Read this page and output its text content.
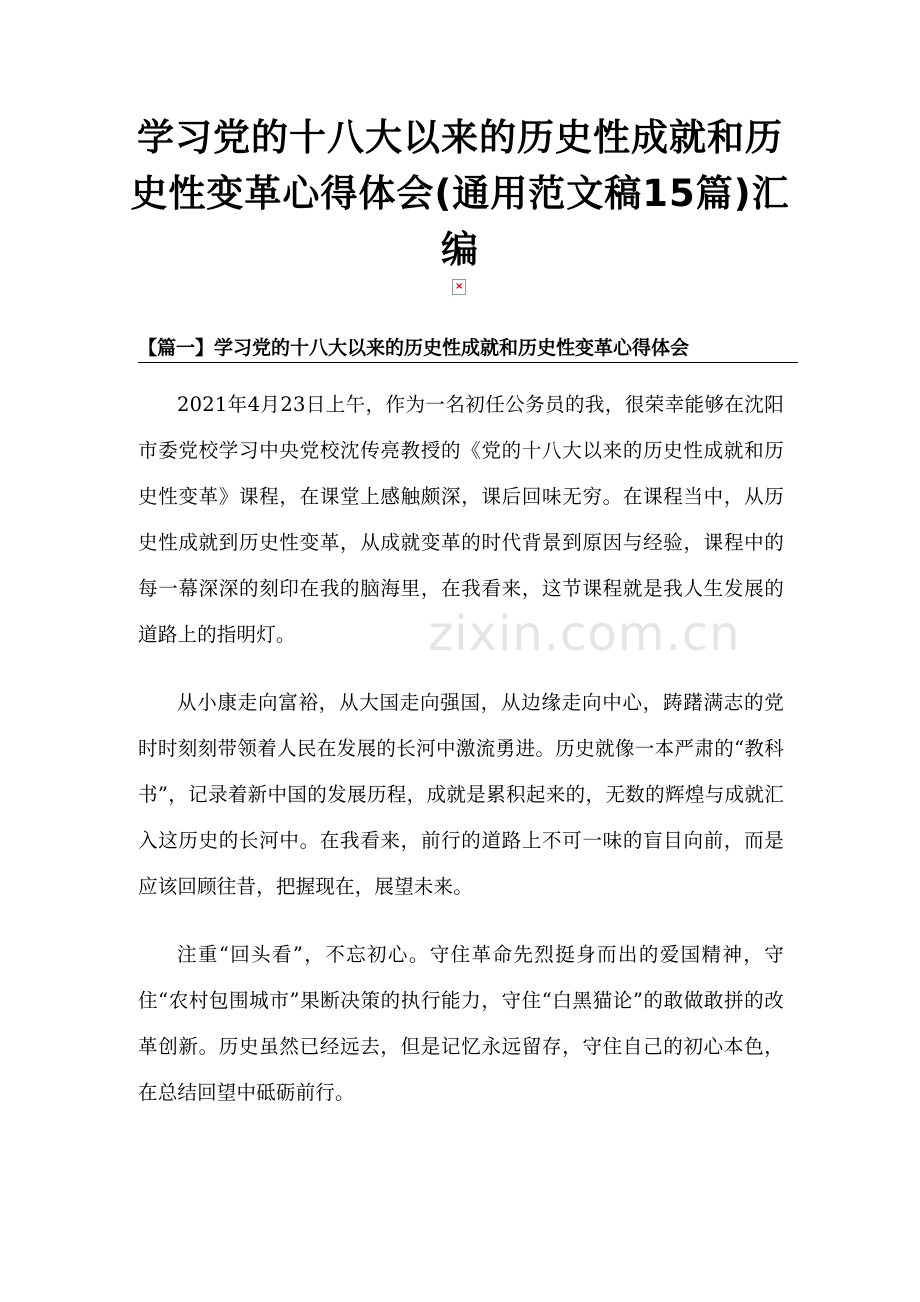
学习党的十八大以来的历史性成就和历史性变革心得体会(通用范文稿15篇)汇编
×
【篇一】学习党的十八大以来的历史性成就和历史性变革心得体会

2021年4月23日上午，作为一名初任公务员的我，很荣幸能够在沈阳市委党校学习中央党校沈传亮教授的《党的十八大以来的历史性成就和历史性变革》课程，在课堂上感触颇深，课后回味无穷。在课程当中，从历史性成就到历史性变革，从成就变革的时代背景到原因与经验，课程中的每一幕深深的刻印在我的脑海里，在我看来，这节课程就是我人生发展的道路上的指明灯。

从小康走向富裕，从大国走向强国，从边缘走向中心，踌躇满志的党时时刻刻带领着人民在发展的长河中激流勇进。历史就像一本严肃的“教科书”，记录着新中国的发展历程，成就是累积起来的，无数的辉煌与成就汇入这历史的长河中。在我看来，前行的道路上不可一味的盲目向前，而是应该回顾往昔，把握现在，展望未来。

注重“回头看”，不忘初心。守住革命先烈挺身而出的爱国精神，守住“农村包围城市”果断决策的执行能力，守住“白黑猫论”的敢做敢拼的改革创新。历史虽然已经远去，但是记忆永远留存，守住自己的初心本色，在总结回望中砥砺前行。

zixin.com.cn
